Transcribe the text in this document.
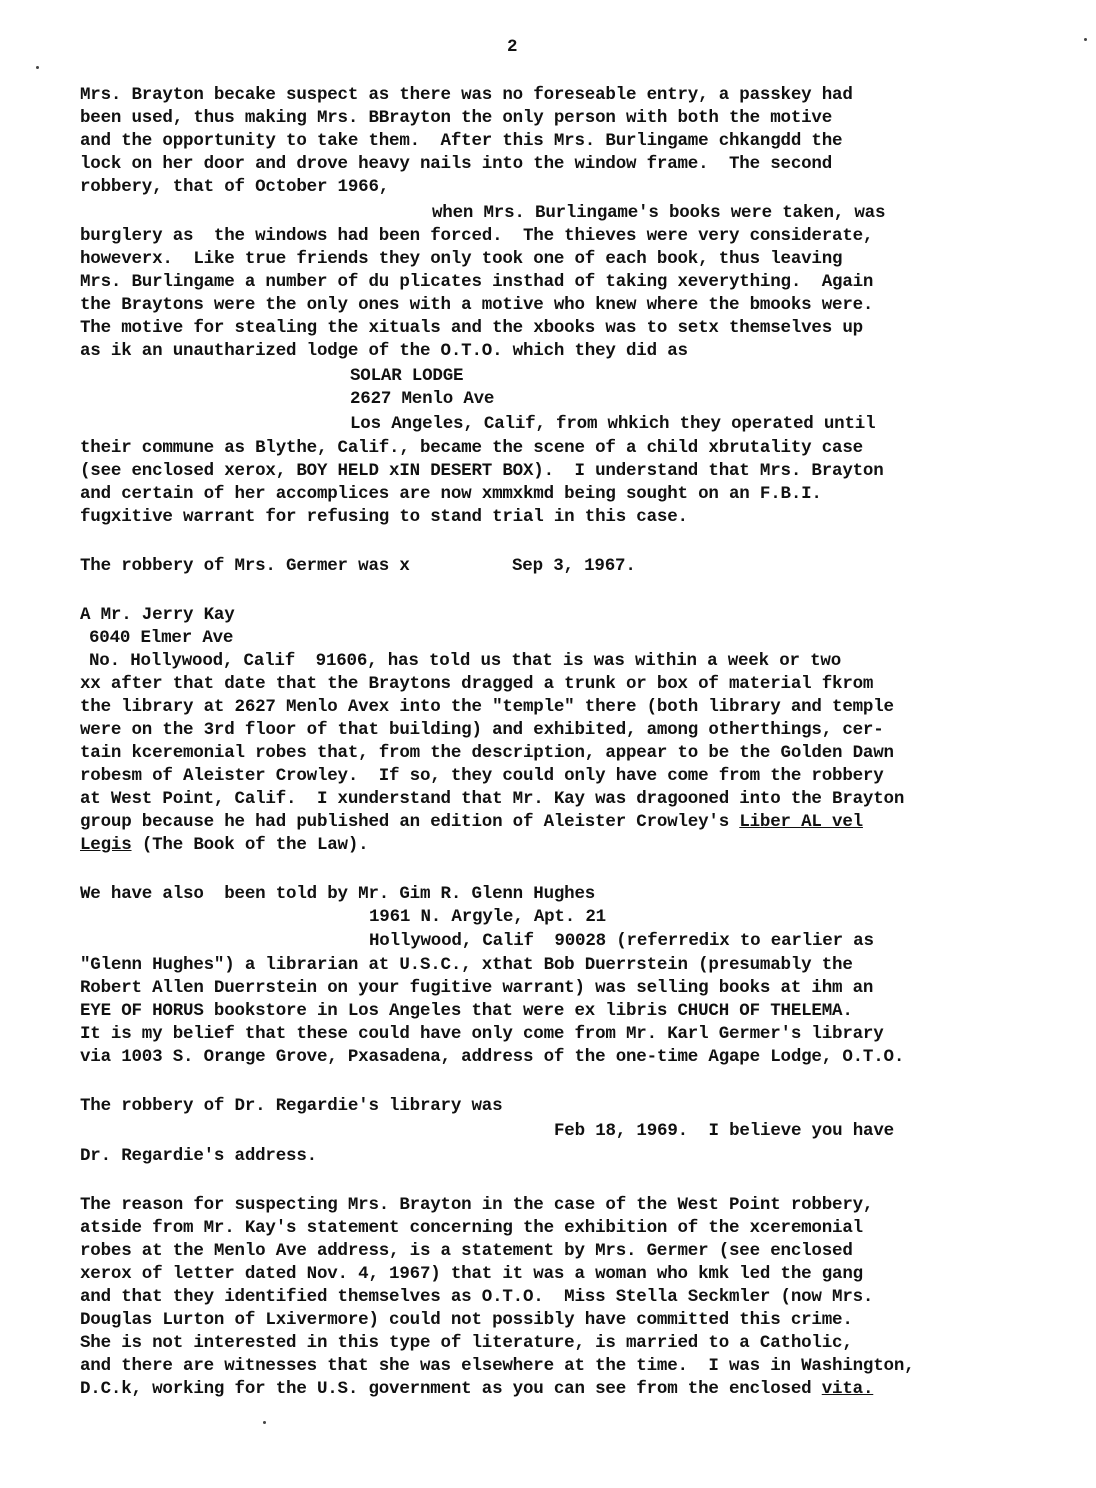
2
Mrs. Brayton becake suspect as there was no foreseable entry, a passkey had
been used, thus making Mrs. BBrayton the only person with both the motive
and the opportunity to take them.  After this Mrs. Burlingame chkangdd the
lock on her door and drove heavy nails into the window frame.  The second
robbery, that of October 1966,
when Mrs. Burlingame's books were taken, was
burglery as  the windows had been forced.  The thieves were very considerate,
howeverx.  Like true friends they only took one of each book, thus leaving
Mrs. Burlingame a number of du plicates insthad of taking xeverything.  Again
the Braytons were the only ones with a motive who knew where the bmooks were.
The motive for stealing the xituals and the xbooks was to setx themselves up
as ik an unautharized lodge of the O.T.O. which they did as
SOLAR LODGE
2627 Menlo Ave
Los Angeles, Calif, from whkich they operated until
their commune as Blythe, Calif., became the scene of a child xbrutality case
(see enclosed xerox, BOY HELD xIN DESERT BOX).  I understand that Mrs. Brayton
and certain of her accomplices are now xmmxkmd being sought on an F.B.I.
fugxitive warrant for refusing to stand trial in this case.
The robbery of Mrs. Germer was x	Sep 3, 1967.
A Mr. Jerry Kay
6040 Elmer Ave
No. Hollywood, Calif  91606, has told us that is was within a week or two
xx after that date that the Braytons dragged a trunk or box of material fkrom
the library at 2627 Menlo Avex into the "temple" there (both library and temple
were on the 3rd floor of that building) and exhibited, among otherthings, cer-
tain kceremonial robes that, from the description, appear to be the Golden Dawn
robesm of Aleister Crowley.  If so, they could only have come from the robbery
at West Point, Calif.  I xunderstand that Mr. Kay was dragooned into the Brayton
group because he had published an edition of Aleister Crowley's Liber AL vel
Legis (The Book of the Law).
We have also  been told by Mr. Gim R. Glenn Hughes
1961 N. Argyle, Apt. 21
Hollywood, Calif  90028 (referredix to earlier as
"Glenn Hughes") a librarian at U.S.C., xthat Bob Duerrstein (presumably the
Robert Allen Duerrstein on your fugitive warrant) was selling books at ihm an
EYE OF HORUS bookstore in Los Angeles that were ex libris CHUCH OF THELEMA.
It is my belief that these could have only come from Mr. Karl Germer's library
via 1003 S. Orange Grove, Pxasadena, address of the one-time Agape Lodge, O.T.O.
The robbery of Dr. Regardie's library was
Feb 18, 1969.  I believe you have
Dr. Regardie's address.
The reason for suspecting Mrs. Brayton in the case of the West Point robbery,
atside from Mr. Kay's statement concerning the exhibition of the xceremonial
robes at the Menlo Ave address, is a statement by Mrs. Germer (see enclosed
xerox of letter dated Nov. 4, 1967) that it was a woman who kmk led the gang
and that they identified themselves as O.T.O.  Miss Stella Seckmler (now Mrs.
Douglas Lurton of Lxivermore) could not possibly have committed this crime.
She is not interested in this type of literature, is married to a Catholic,
and there are witnesses that she was elsewhere at the time.  I was in Washington,
D.C.k, working for the U.S. government as you can see from the enclosed vita.
